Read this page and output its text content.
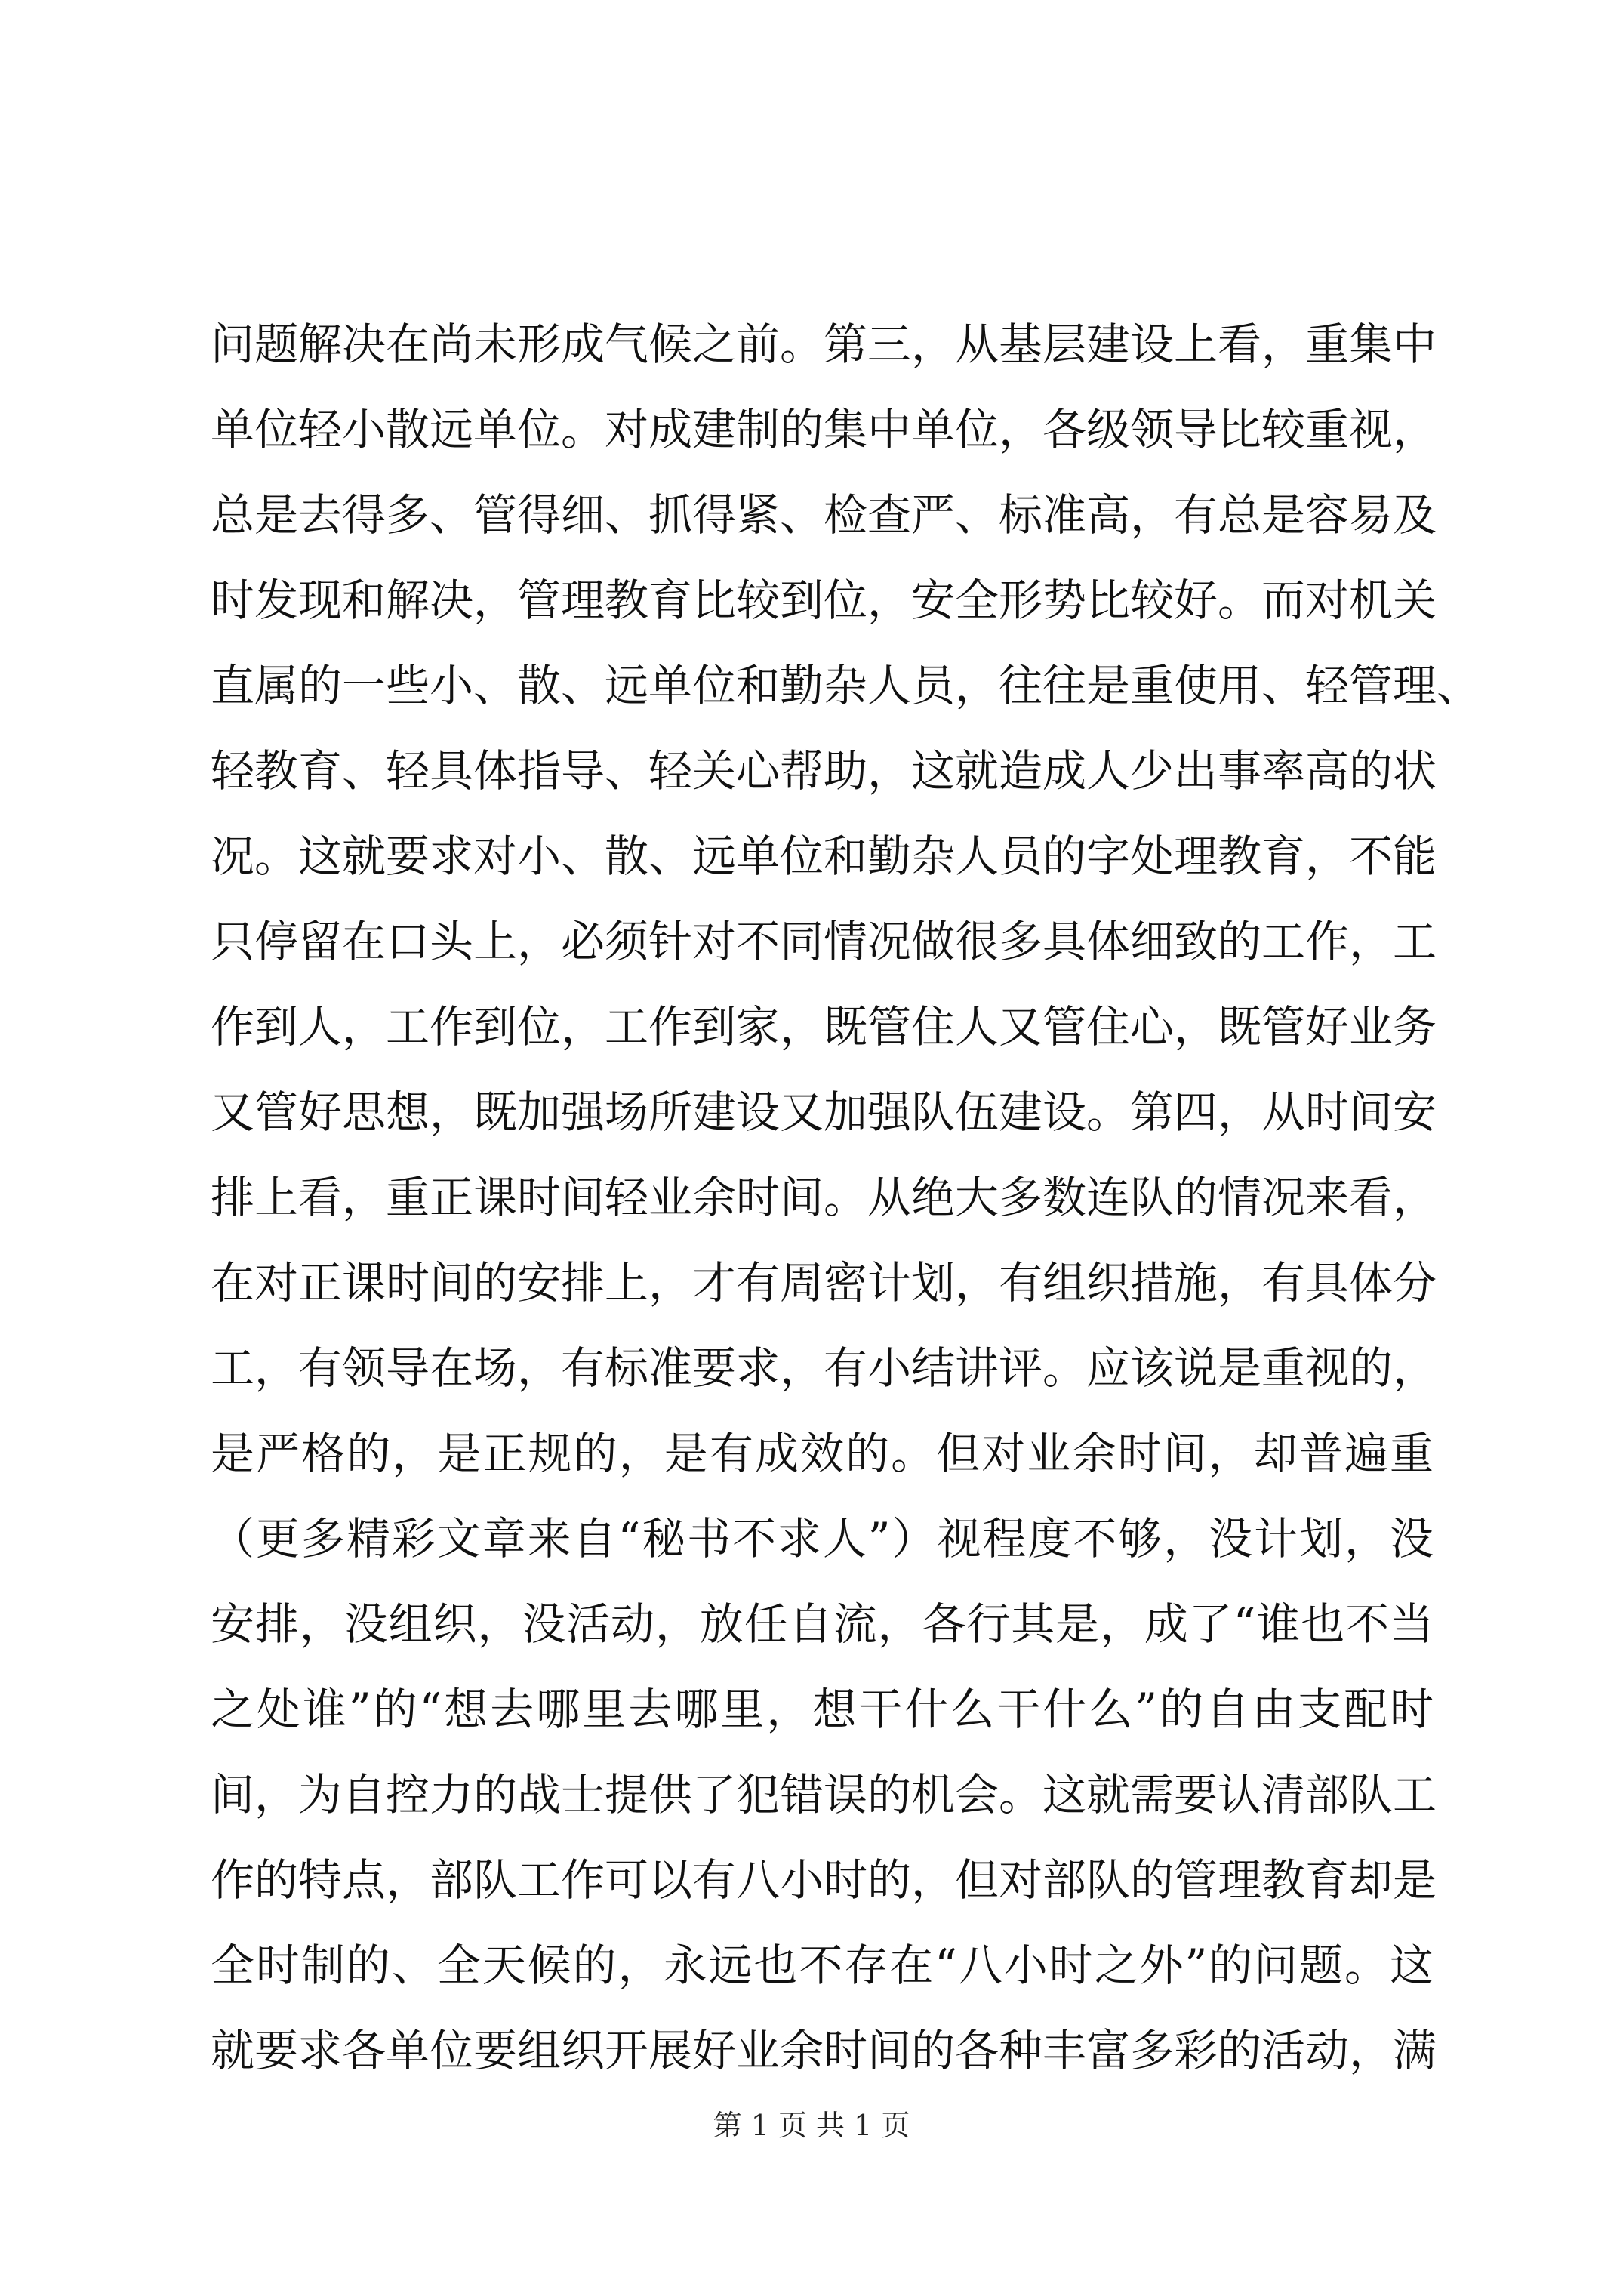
问题解决在尚未形成气候之前。第三，从基层建设上看，重集中
单位轻小散远单位。对成建制的集中单位，各级领导比较重视，
总是去得多、管得细、抓得紧、检查严、标准高，有总是容易及
时发现和解决，管理教育比较到位，安全形势比较好。而对机关
直属的一些小、散、远单位和勤杂人员，往往是重使用、轻管理、
轻教育、轻具体指导、轻关心帮助，这就造成人少出事率高的状
况。这就要求对小、散、远单位和勤杂人员的字处理教育，不能
只停留在口头上，必须针对不同情况做很多具体细致的工作，工
作到人，工作到位，工作到家，既管住人又管住心，既管好业务
又管好思想，既加强场所建设又加强队伍建设。第四，从时间安
排上看，重正课时间轻业余时间。从绝大多数连队的情况来看，
在对正课时间的安排上，才有周密计划，有组织措施，有具体分
工，有领导在场，有标准要求，有小结讲评。应该说是重视的，
是严格的，是正规的，是有成效的。但对业余时间，却普遍重
（更多精彩文章来自“秘书不求人”）视程度不够，没计划，没
安排，没组织，没活动，放任自流，各行其是，成了“谁也不当
之处谁”的“想去哪里去哪里，想干什么干什么”的自由支配时
间，为自控力的战士提供了犯错误的机会。这就需要认清部队工
作的特点，部队工作可以有八小时的，但对部队的管理教育却是
全时制的、全天候的，永远也不存在“八小时之外”的问题。这
就要求各单位要组织开展好业余时间的各种丰富多彩的活动，满
第 1 页 共 1 页
